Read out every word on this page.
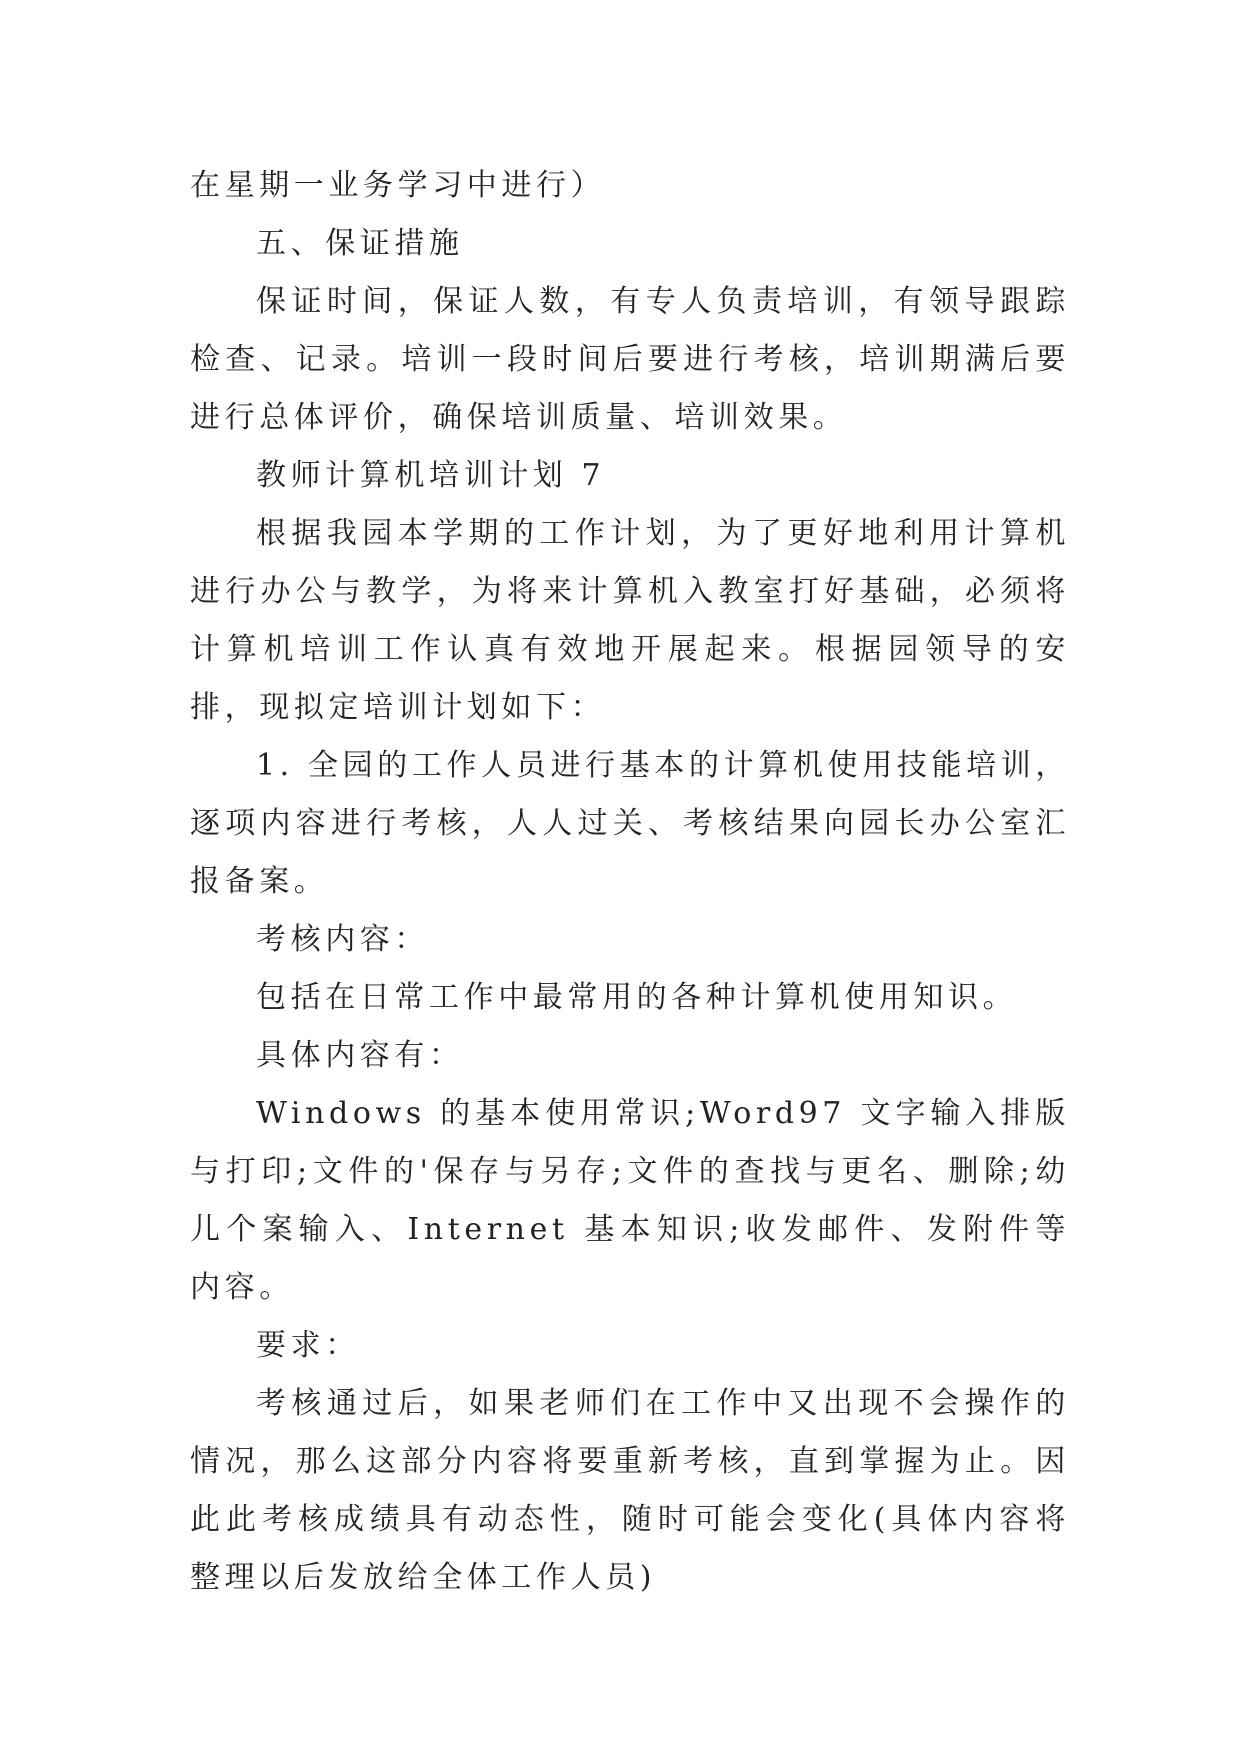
在星期一业务学习中进行）

五、保证措施

保证时间，保证人数，有专人负责培训，有领导跟踪检查、记录。培训一段时间后要进行考核，培训期满后要进行总体评价，确保培训质量、培训效果。

教师计算机培训计划 7

根据我园本学期的工作计划，为了更好地利用计算机进行办公与教学，为将来计算机入教室打好基础，必须将计算机培训工作认真有效地开展起来。根据园领导的安排，现拟定培训计划如下：

1. 全园的工作人员进行基本的计算机使用技能培训，逐项内容进行考核，人人过关、考核结果向园长办公室汇报备案。

考核内容：

包括在日常工作中最常用的各种计算机使用知识。

具体内容有：

Windows 的基本使用常识;Word97 文字输入排版与打印;文件的'保存与另存;文件的查找与更名、删除;幼儿个案输入、Internet 基本知识;收发邮件、发附件等内容。

要求：

考核通过后，如果老师们在工作中又出现不会操作的情况，那么这部分内容将要重新考核，直到掌握为止。因此此考核成绩具有动态性，随时可能会变化(具体内容将整理以后发放给全体工作人员)
